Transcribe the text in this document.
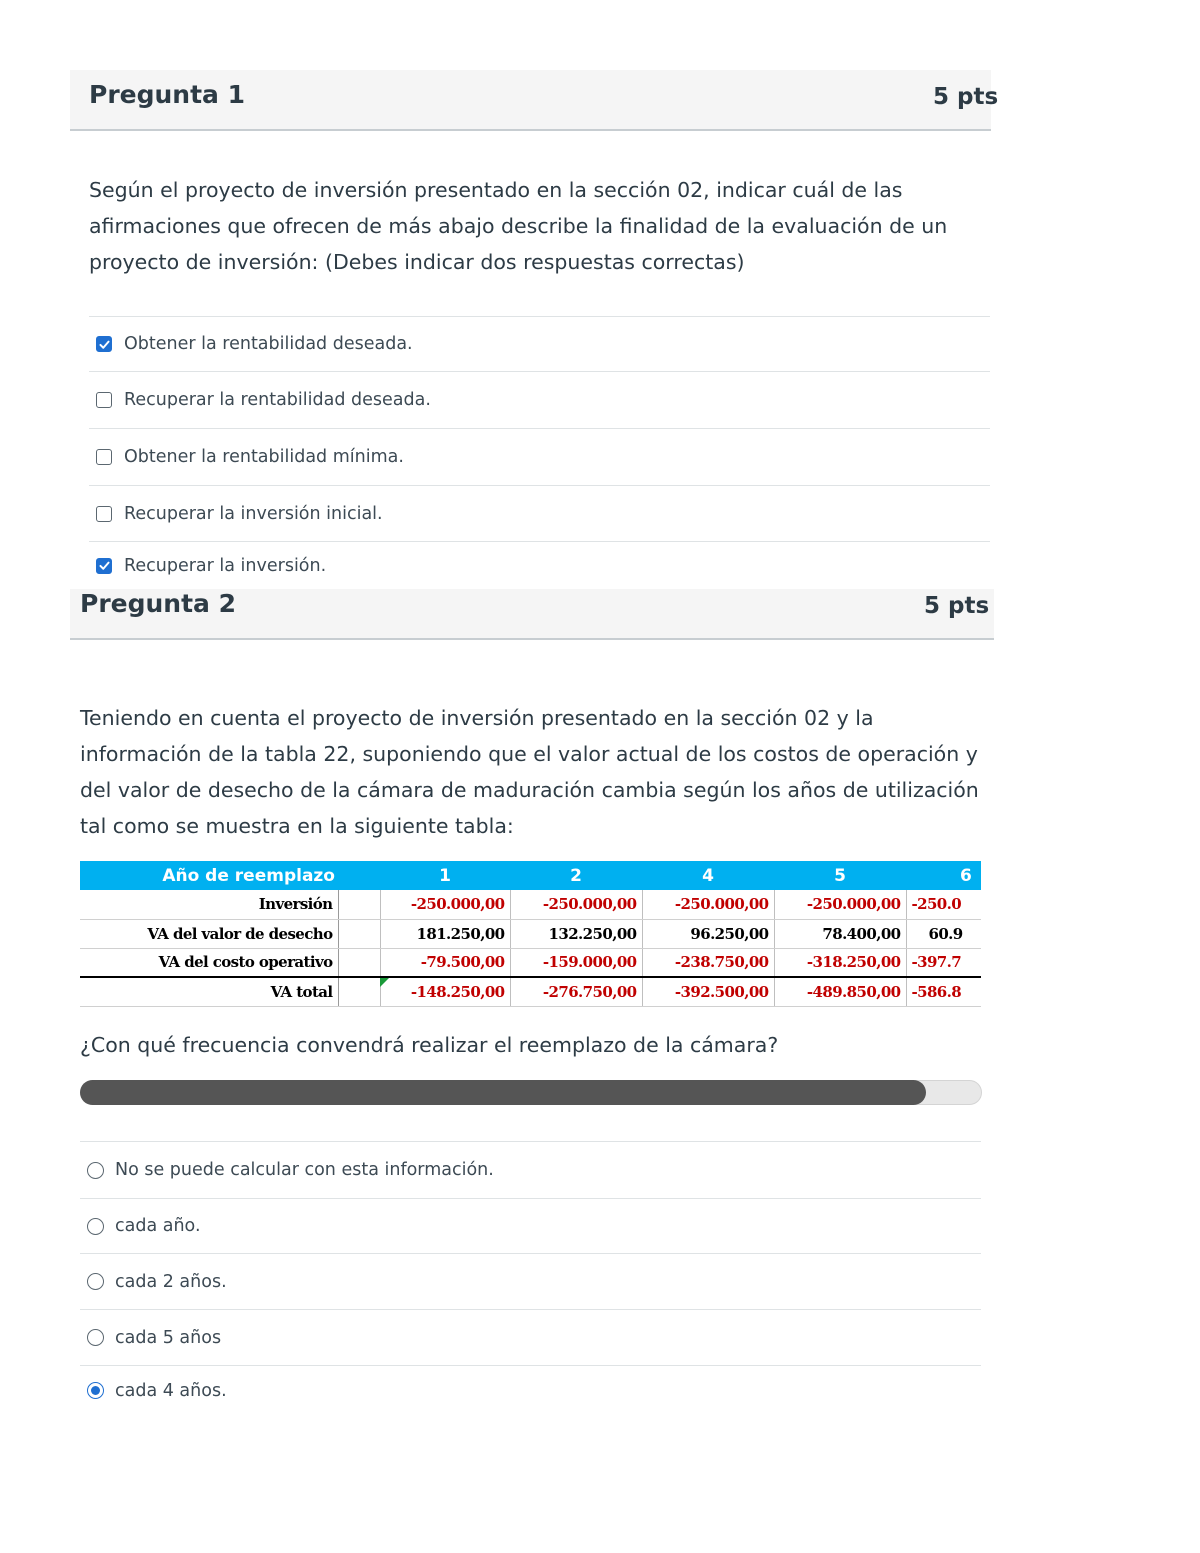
Pregunta 1	5 pts
Según el proyecto de inversión presentado en la sección 02, indicar cuál de las afirmaciones que ofrecen de más abajo describe la finalidad de la evaluación de un proyecto de inversión: (Debes indicar dos respuestas correctas)
Obtener la rentabilidad deseada.
Recuperar la rentabilidad deseada.
Obtener la rentabilidad mínima.
Recuperar la inversión inicial.
Recuperar la inversión.
Pregunta 2	5 pts
Teniendo en cuenta el proyecto de inversión presentado en la sección 02 y la información de la tabla 22, suponiendo que el valor actual de los costos de operación y del valor de desecho de la cámara de maduración cambia según los años de utilización tal como se muestra en la siguiente tabla:
Año de reemplazo		1	2	4	5	6
Inversión		-250.000,00	-250.000,00	-250.000,00	-250.000,00	-250.0
VA del valor de desecho		181.250,00	132.250,00	96.250,00	78.400,00	60.9
VA del costo operativo		-79.500,00	-159.000,00	-238.750,00	-318.250,00	-397.7
VA total		-148.250,00	-276.750,00	-392.500,00	-489.850,00	-586.8
¿Con qué frecuencia convendrá realizar el reemplazo de la cámara?
No se puede calcular con esta información.
cada año.
cada 2 años.
cada 5 años
cada 4 años.
